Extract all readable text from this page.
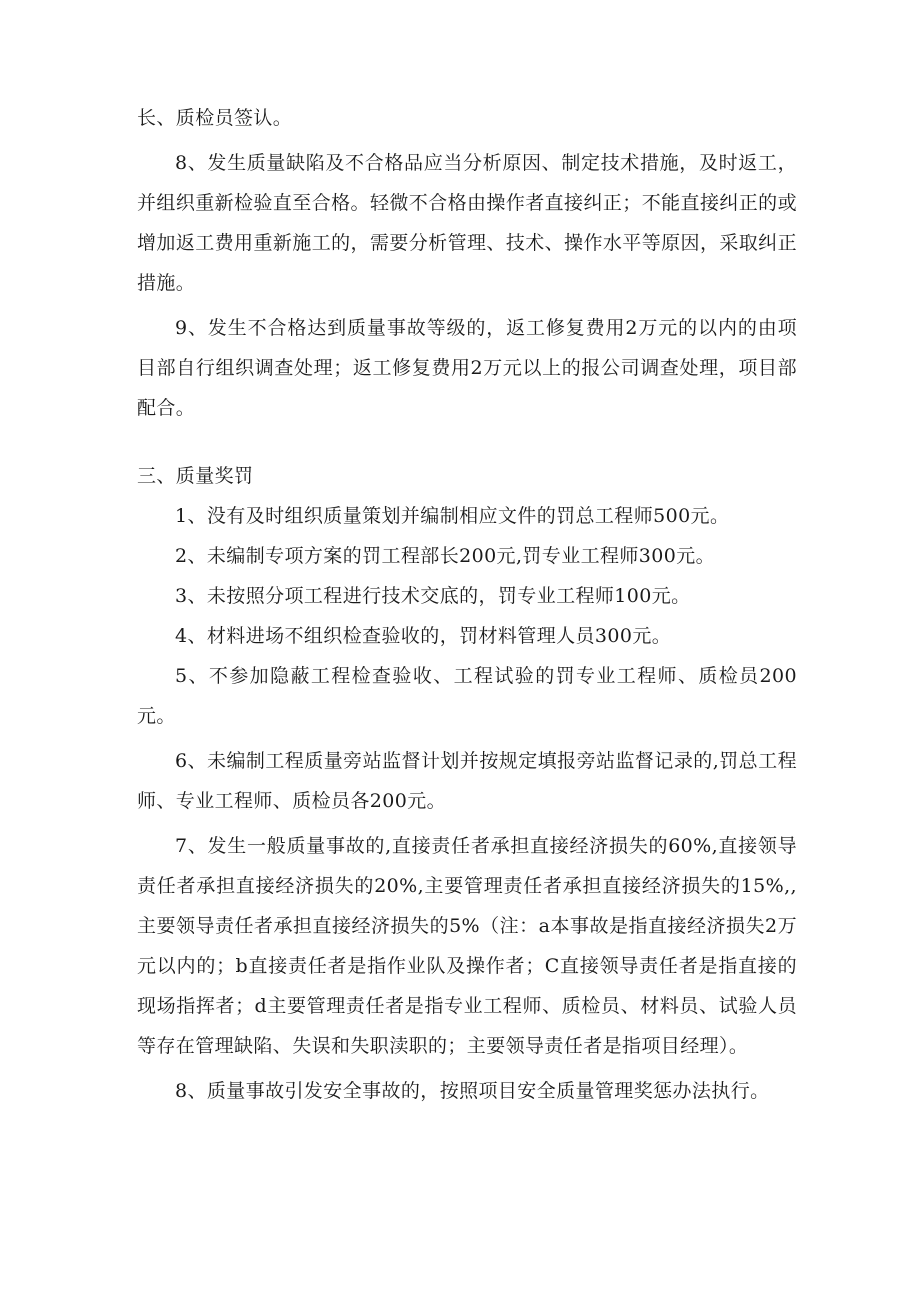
长、质检员签认。

8、发生质量缺陷及不合格品应当分析原因、制定技术措施，及时返工，并组织重新检验直至合格。轻微不合格由操作者直接纠正；不能直接纠正的或增加返工费用重新施工的，需要分析管理、技术、操作水平等原因，采取纠正措施。

9、发生不合格达到质量事故等级的，返工修复费用2万元的以内的由项目部自行组织调查处理；返工修复费用2万元以上的报公司调查处理，项目部配合。

三、质量奖罚

1、没有及时组织质量策划并编制相应文件的罚总工程师500元。

2、未编制专项方案的罚工程部长200元,罚专业工程师300元。

3、未按照分项工程进行技术交底的，罚专业工程师100元。

4、材料进场不组织检查验收的，罚材料管理人员300元。

5、不参加隐蔽工程检查验收、工程试验的罚专业工程师、质检员200元。

6、未编制工程质量旁站监督计划并按规定填报旁站监督记录的,罚总工程师、专业工程师、质检员各200元。

7、发生一般质量事故的,直接责任者承担直接经济损失的60%,直接领导责任者承担直接经济损失的20%,主要管理责任者承担直接经济损失的15%,,主要领导责任者承担直接经济损失的5%（注：a本事故是指直接经济损失2万元以内的；b直接责任者是指作业队及操作者；C直接领导责任者是指直接的现场指挥者；d主要管理责任者是指专业工程师、质检员、材料员、试验人员等存在管理缺陷、失误和失职渎职的；主要领导责任者是指项目经理）。

8、质量事故引发安全事故的，按照项目安全质量管理奖惩办法执行。
